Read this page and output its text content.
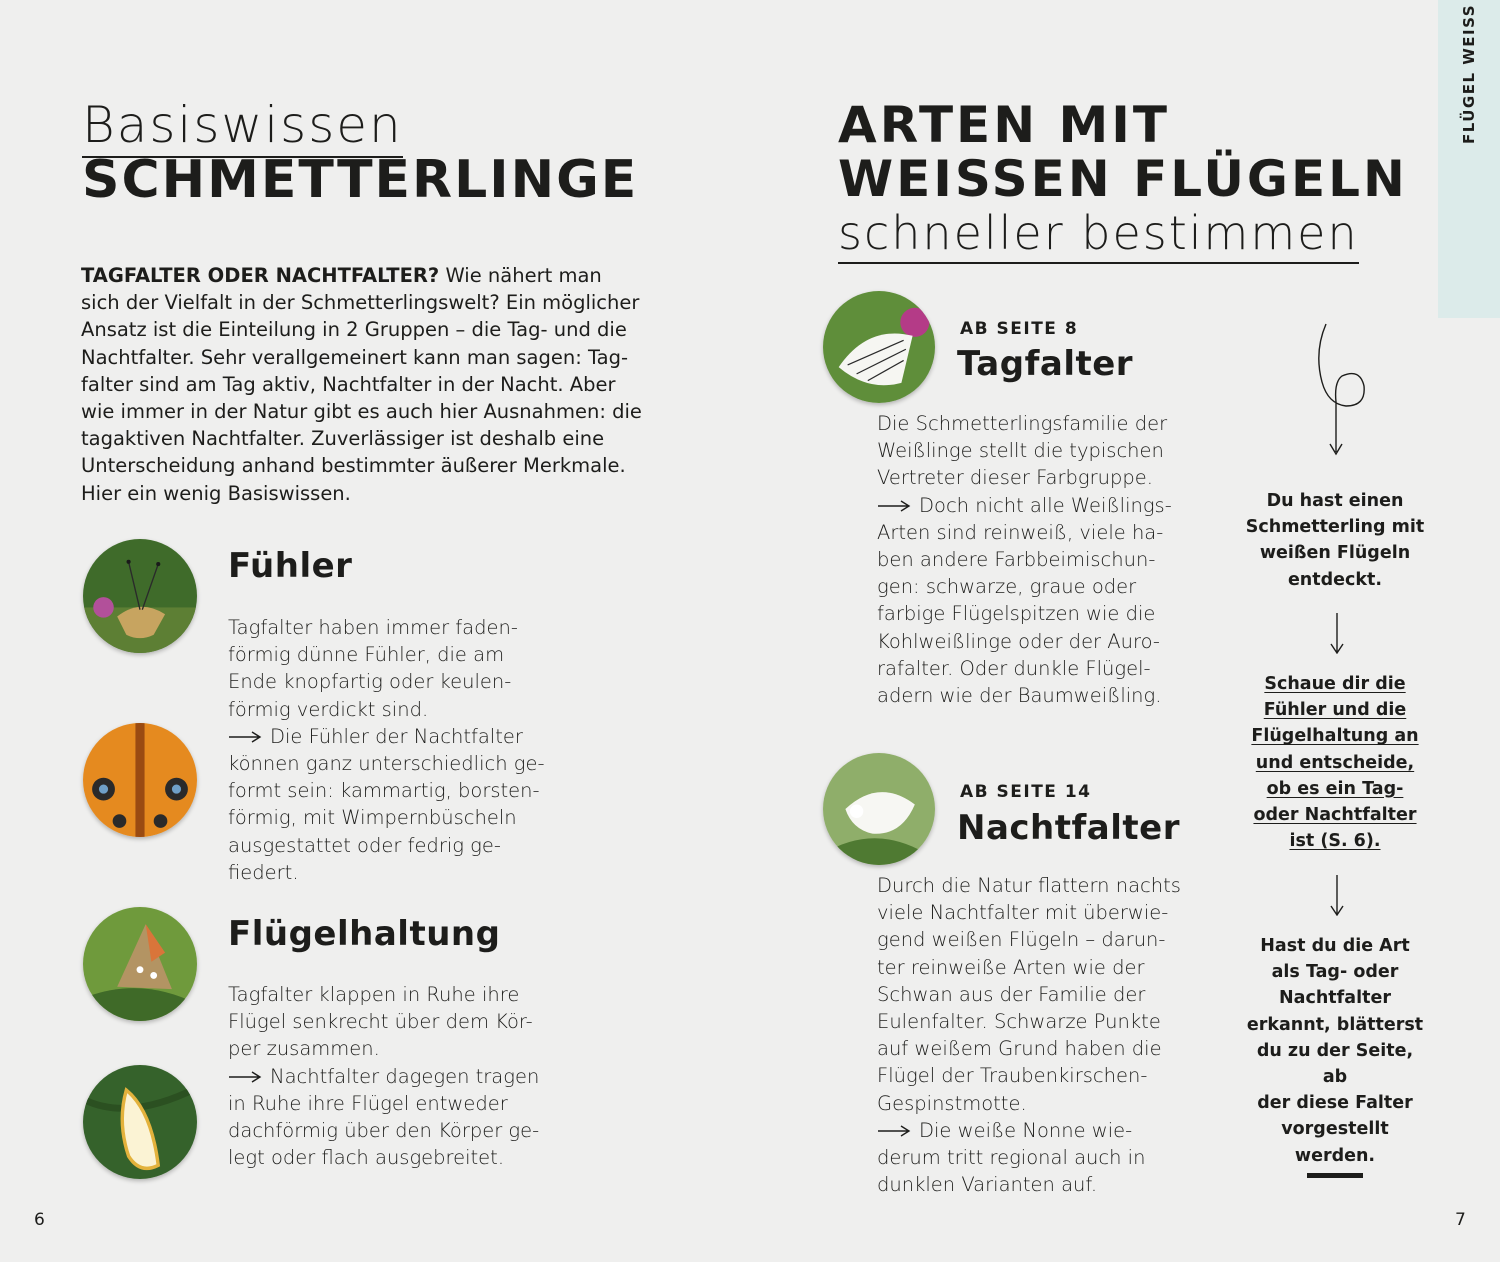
Basiswissen
SCHMETTERLINGE
TAGFALTER ODER NACHTFALTER? Wie nähert man
sich der Vielfalt in der Schmetterlingswelt? Ein möglicher
Ansatz ist die Einteilung in 2 Gruppen – die Tag- und die
Nachtfalter. Sehr verallgemeinert kann man sagen: Tag-
falter sind am Tag aktiv, Nachtfalter in der Nacht. Aber
wie immer in der Natur gibt es auch hier Ausnahmen: die
tagaktiven Nachtfalter. Zuverlässiger ist deshalb eine
Unterscheidung anhand bestimmter äußerer Merkmale.
Hier ein wenig Basiswissen.
Fühler
Tagfalter haben immer faden-
förmig dünne Fühler, die am
Ende knopfartig oder keulen-
förmig verdickt sind.
Die Fühler der Nachtfalter
können ganz unterschiedlich ge-
formt sein: kammartig, borsten-
förmig, mit Wimpernbüscheln
ausgestattet oder fedrig ge-
fiedert.
Flügelhaltung
Tagfalter klappen in Ruhe ihre
Flügel senkrecht über dem Kör-
per zusammen.
Nachtfalter dagegen tragen
in Ruhe ihre Flügel entweder
dachförmig über den Körper ge-
legt oder flach ausgebreitet.
6
ARTEN MIT
WEISSEN FLÜGELN
schneller bestimmen
AB SEITE 8
Tagfalter
Die Schmetterlingsfamilie der
Weißlinge stellt die typischen
Vertreter dieser Farbgruppe.
Doch nicht alle Weißlings-
Arten sind reinweiß, viele ha-
ben andere Farbbeimischun-
gen: schwarze, graue oder
farbige Flügelspitzen wie die
Kohlweißlinge oder der Auro-
rafalter. Oder dunkle Flügel-
adern wie der Baumweißling.
AB SEITE 14
Nachtfalter
Durch die Natur flattern nachts
viele Nachtfalter mit überwie-
gend weißen Flügeln – darun-
ter reinweiße Arten wie der
Schwan aus der Familie der
Eulenfalter. Schwarze Punkte
auf weißem Grund haben die
Flügel der Traubenkirschen-
Gespinstmotte.
Die weiße Nonne wie-
derum tritt regional auch in
dunklen Varianten auf.
Du hast einen
Schmetterling mit
weißen Flügeln
entdeckt.
Schaue dir die
Fühler und die
Flügelhaltung an
und entscheide,
ob es ein Tag-
oder Nachtfalter
ist (S. 6).
Hast du die Art
als Tag- oder
Nachtfalter
erkannt, blätterst
du zu der Seite, ab
der diese Falter
vorgestellt
werden.
FLÜGEL WEISS
7
